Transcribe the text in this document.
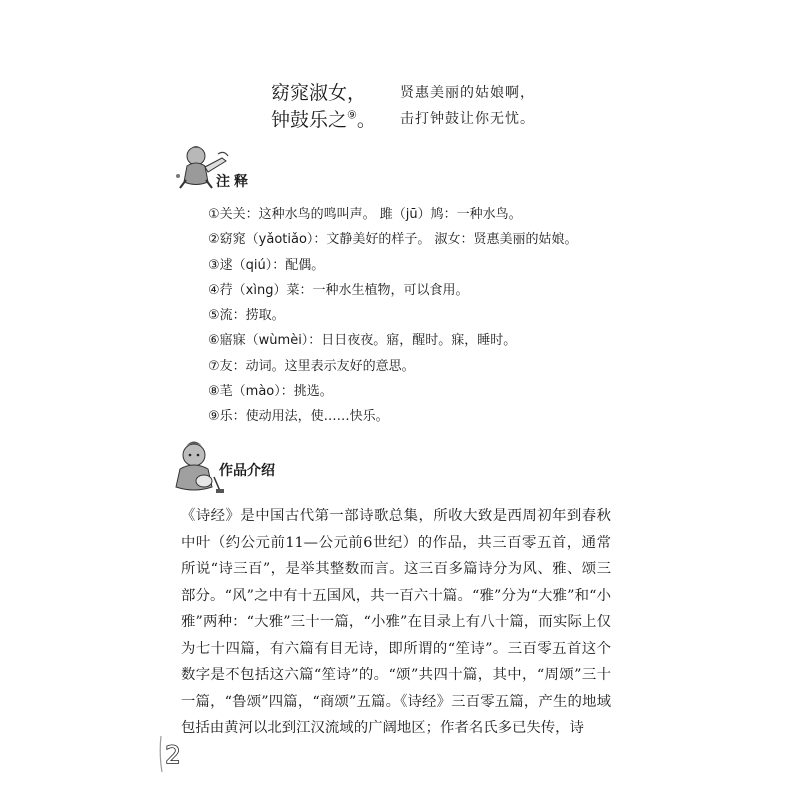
窈窕淑女，
钟鼓乐之⑨。
贤惠美丽的姑娘啊，
击打钟鼓让你无忧。
注释
①关关：这种水鸟的鸣叫声。 雎（jū）鸠：一种水鸟。
②窈窕（yǎotiǎo）：文静美好的样子。 淑女：贤惠美丽的姑娘。
③逑（qiú）：配偶。
④荇（xìng）菜：一种水生植物，可以食用。
⑤流：捞取。
⑥寤寐（wùmèi）：日日夜夜。寤，醒时。寐，睡时。
⑦友：动词。这里表示友好的意思。
⑧芼（mào）：挑选。
⑨乐：使动用法，使……快乐。
作品介绍

《诗经》是中国古代第一部诗歌总集，所收大致是西周初年到春秋中叶（约公元前11—公元前6世纪）的作品，共三百零五首，通常所说“诗三百”，是举其整数而言。这三百多篇诗分为风、雅、颂三部分。“风”之中有十五国风，共一百六十篇。“雅”分为“大雅”和“小雅”两种：“大雅”三十一篇，“小雅”在目录上有八十篇，而实际上仅为七十四篇，有六篇有目无诗，即所谓的“笙诗”。三百零五首这个数字是不包括这六篇“笙诗”的。“颂”共四十篇，其中，“周颂”三十一篇，“鲁颂”四篇，“商颂”五篇。《诗经》三百零五篇，产生的地域包括由黄河以北到江汉流域的广阔地区；作者名氏多已失传，诗

2
